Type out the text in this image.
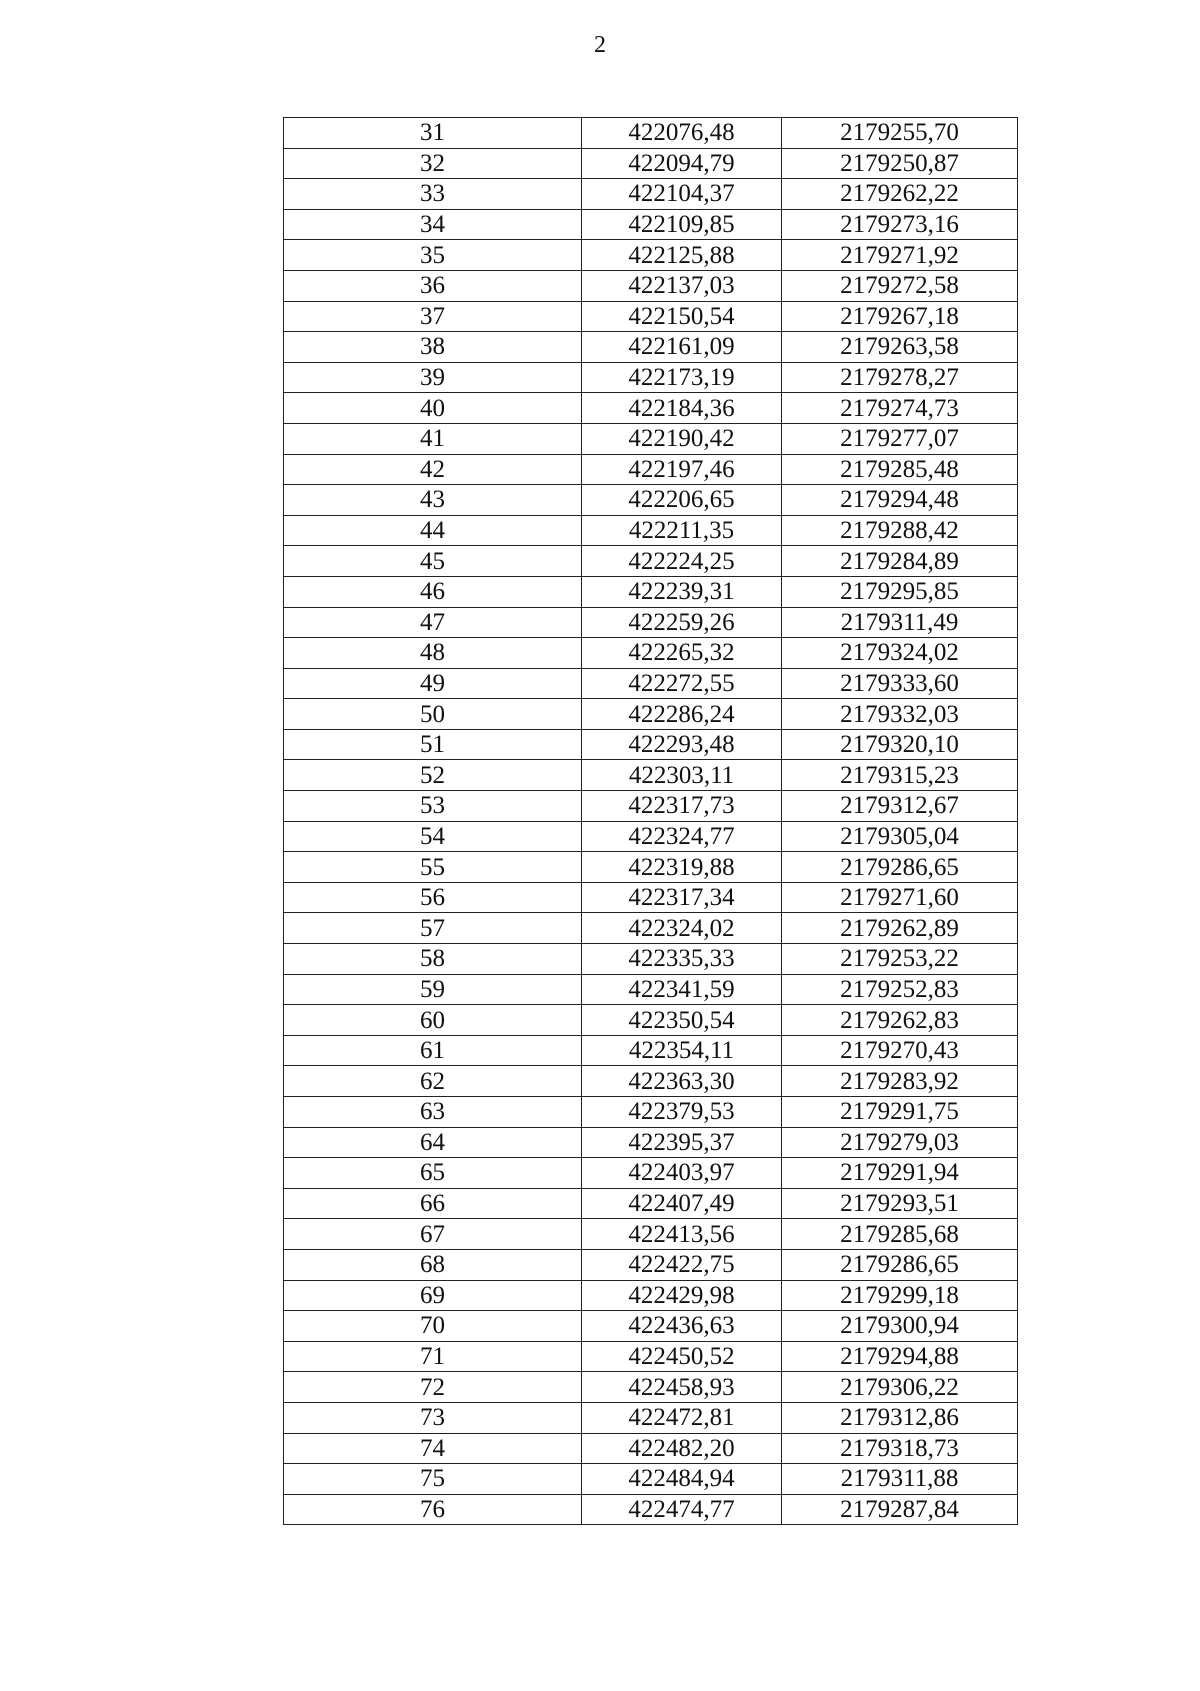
2
31	422076,48	2179255,70
32	422094,79	2179250,87
33	422104,37	2179262,22
34	422109,85	2179273,16
35	422125,88	2179271,92
36	422137,03	2179272,58
37	422150,54	2179267,18
38	422161,09	2179263,58
39	422173,19	2179278,27
40	422184,36	2179274,73
41	422190,42	2179277,07
42	422197,46	2179285,48
43	422206,65	2179294,48
44	422211,35	2179288,42
45	422224,25	2179284,89
46	422239,31	2179295,85
47	422259,26	2179311,49
48	422265,32	2179324,02
49	422272,55	2179333,60
50	422286,24	2179332,03
51	422293,48	2179320,10
52	422303,11	2179315,23
53	422317,73	2179312,67
54	422324,77	2179305,04
55	422319,88	2179286,65
56	422317,34	2179271,60
57	422324,02	2179262,89
58	422335,33	2179253,22
59	422341,59	2179252,83
60	422350,54	2179262,83
61	422354,11	2179270,43
62	422363,30	2179283,92
63	422379,53	2179291,75
64	422395,37	2179279,03
65	422403,97	2179291,94
66	422407,49	2179293,51
67	422413,56	2179285,68
68	422422,75	2179286,65
69	422429,98	2179299,18
70	422436,63	2179300,94
71	422450,52	2179294,88
72	422458,93	2179306,22
73	422472,81	2179312,86
74	422482,20	2179318,73
75	422484,94	2179311,88
76	422474,77	2179287,84
